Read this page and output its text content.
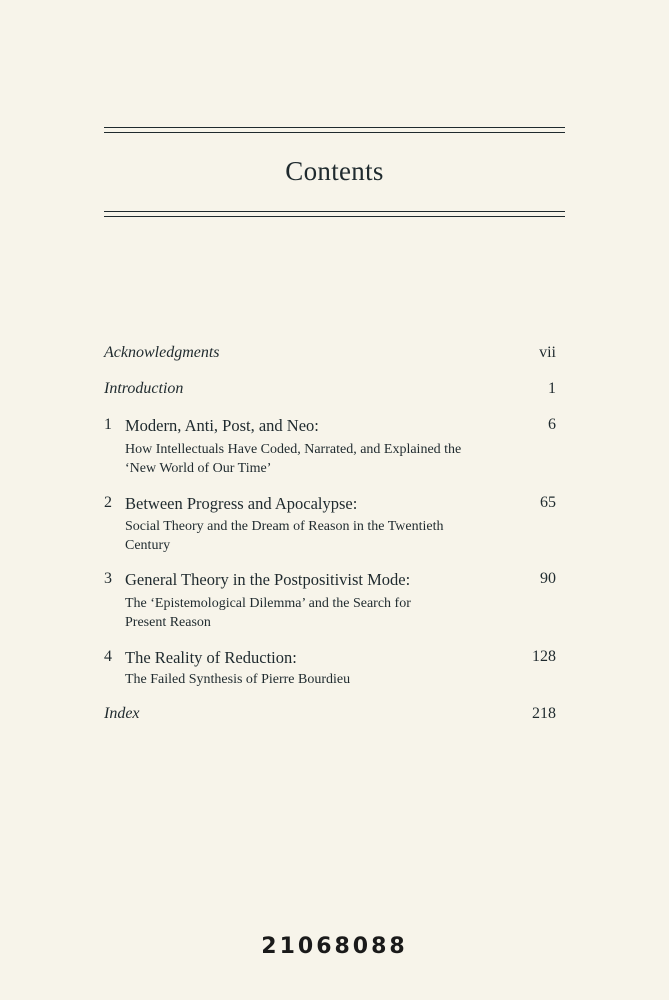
Contents
Acknowledgments	vii
Introduction	1
1 Modern, Anti, Post, and Neo:	6
How Intellectuals Have Coded, Narrated, and Explained the ‘New World of Our Time’
2 Between Progress and Apocalypse:	65
Social Theory and the Dream of Reason in the Twentieth Century
3 General Theory in the Postpositivist Mode:	90
The ‘Epistemological Dilemma’ and the Search for Present Reason
4 The Reality of Reduction:	128
The Failed Synthesis of Pierre Bourdieu
Index	218
21068088
